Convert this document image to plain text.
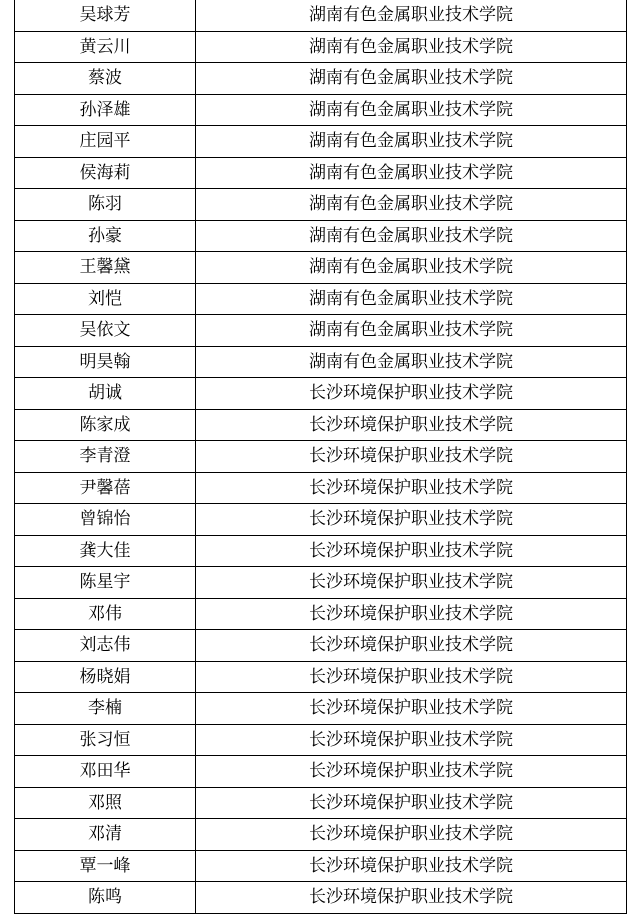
吴球芳	湖南有色金属职业技术学院
黄云川	湖南有色金属职业技术学院
蔡波	湖南有色金属职业技术学院
孙泽雄	湖南有色金属职业技术学院
庄园平	湖南有色金属职业技术学院
侯海莉	湖南有色金属职业技术学院
陈羽	湖南有色金属职业技术学院
孙豪	湖南有色金属职业技术学院
王馨黛	湖南有色金属职业技术学院
刘恺	湖南有色金属职业技术学院
吴依文	湖南有色金属职业技术学院
明昊翰	湖南有色金属职业技术学院
胡诚	长沙环境保护职业技术学院
陈家成	长沙环境保护职业技术学院
李青澄	长沙环境保护职业技术学院
尹馨蓓	长沙环境保护职业技术学院
曾锦怡	长沙环境保护职业技术学院
龚大佳	长沙环境保护职业技术学院
陈星宇	长沙环境保护职业技术学院
邓伟	长沙环境保护职业技术学院
刘志伟	长沙环境保护职业技术学院
杨晓娟	长沙环境保护职业技术学院
李楠	长沙环境保护职业技术学院
张习恒	长沙环境保护职业技术学院
邓田华	长沙环境保护职业技术学院
邓照	长沙环境保护职业技术学院
邓清	长沙环境保护职业技术学院
覃一峰	长沙环境保护职业技术学院
陈鸣	长沙环境保护职业技术学院
